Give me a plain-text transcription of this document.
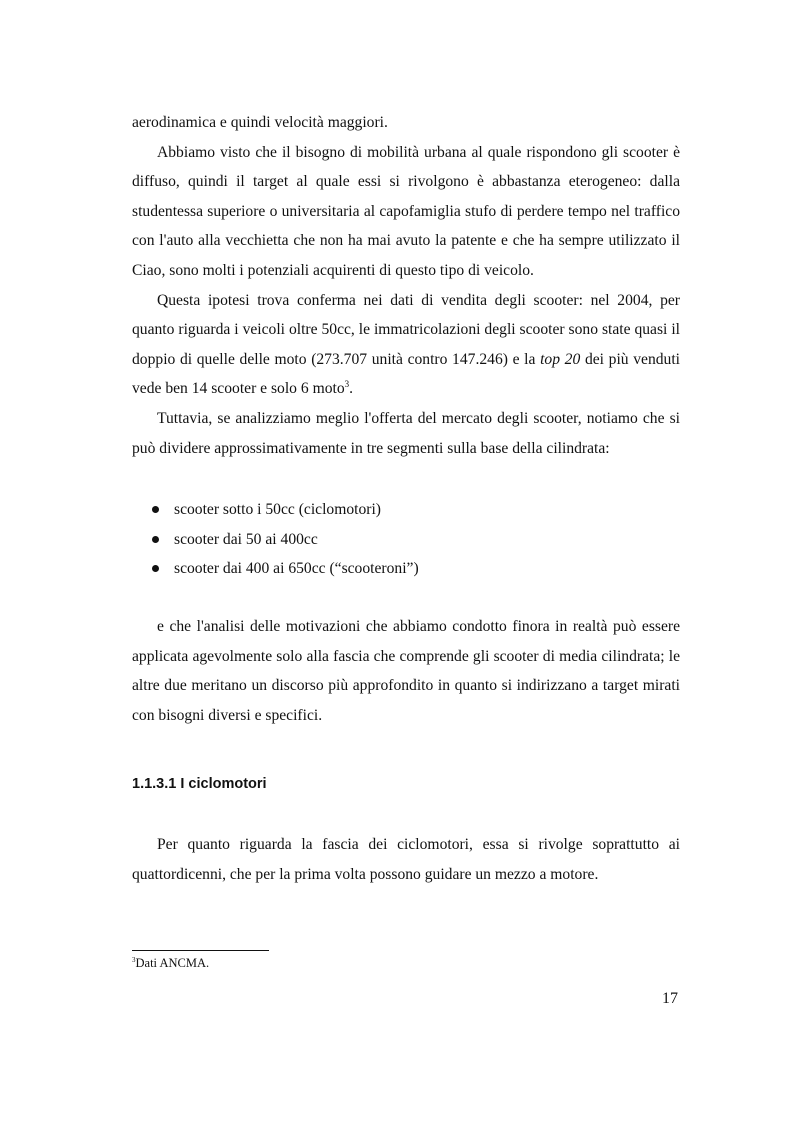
aerodinamica e quindi velocità maggiori.

Abbiamo visto che il bisogno di mobilità urbana al quale rispondono gli scooter è diffuso, quindi il target al quale essi si rivolgono è abbastanza eterogeneo: dalla studentessa superiore o universitaria al capofamiglia stufo di perdere tempo nel traffico con l'auto alla vecchietta che non ha mai avuto la patente e che ha sempre utilizzato il Ciao, sono molti i potenziali acquirenti di questo tipo di veicolo.

Questa ipotesi trova conferma nei dati di vendita degli scooter: nel 2004, per quanto riguarda i veicoli oltre 50cc, le immatricolazioni degli scooter sono state quasi il doppio di quelle delle moto (273.707 unità contro 147.246) e la top 20 dei più venduti vede ben 14 scooter e solo 6 moto$^3$.

Tuttavia, se analizziamo meglio l'offerta del mercato degli scooter, notiamo che si può dividere approssimativamente in tre segmenti sulla base della cilindrata:

scooter sotto i 50cc (ciclomotori)
scooter dai 50 ai 400cc
scooter dai 400 ai 650cc (“scooteroni”)

e che l'analisi delle motivazioni che abbiamo condotto finora in realtà può essere applicata agevolmente solo alla fascia che comprende gli scooter di media cilindrata; le altre due meritano un discorso più approfondito in quanto si indirizzano a target mirati con bisogni diversi e specifici.

1.1.3.1 I ciclomotori

Per quanto riguarda la fascia dei ciclomotori, essa si rivolge soprattutto ai quattordicenni, che per la prima volta possono guidare un mezzo a motore.

$^3$Dati ANCMA.
17
